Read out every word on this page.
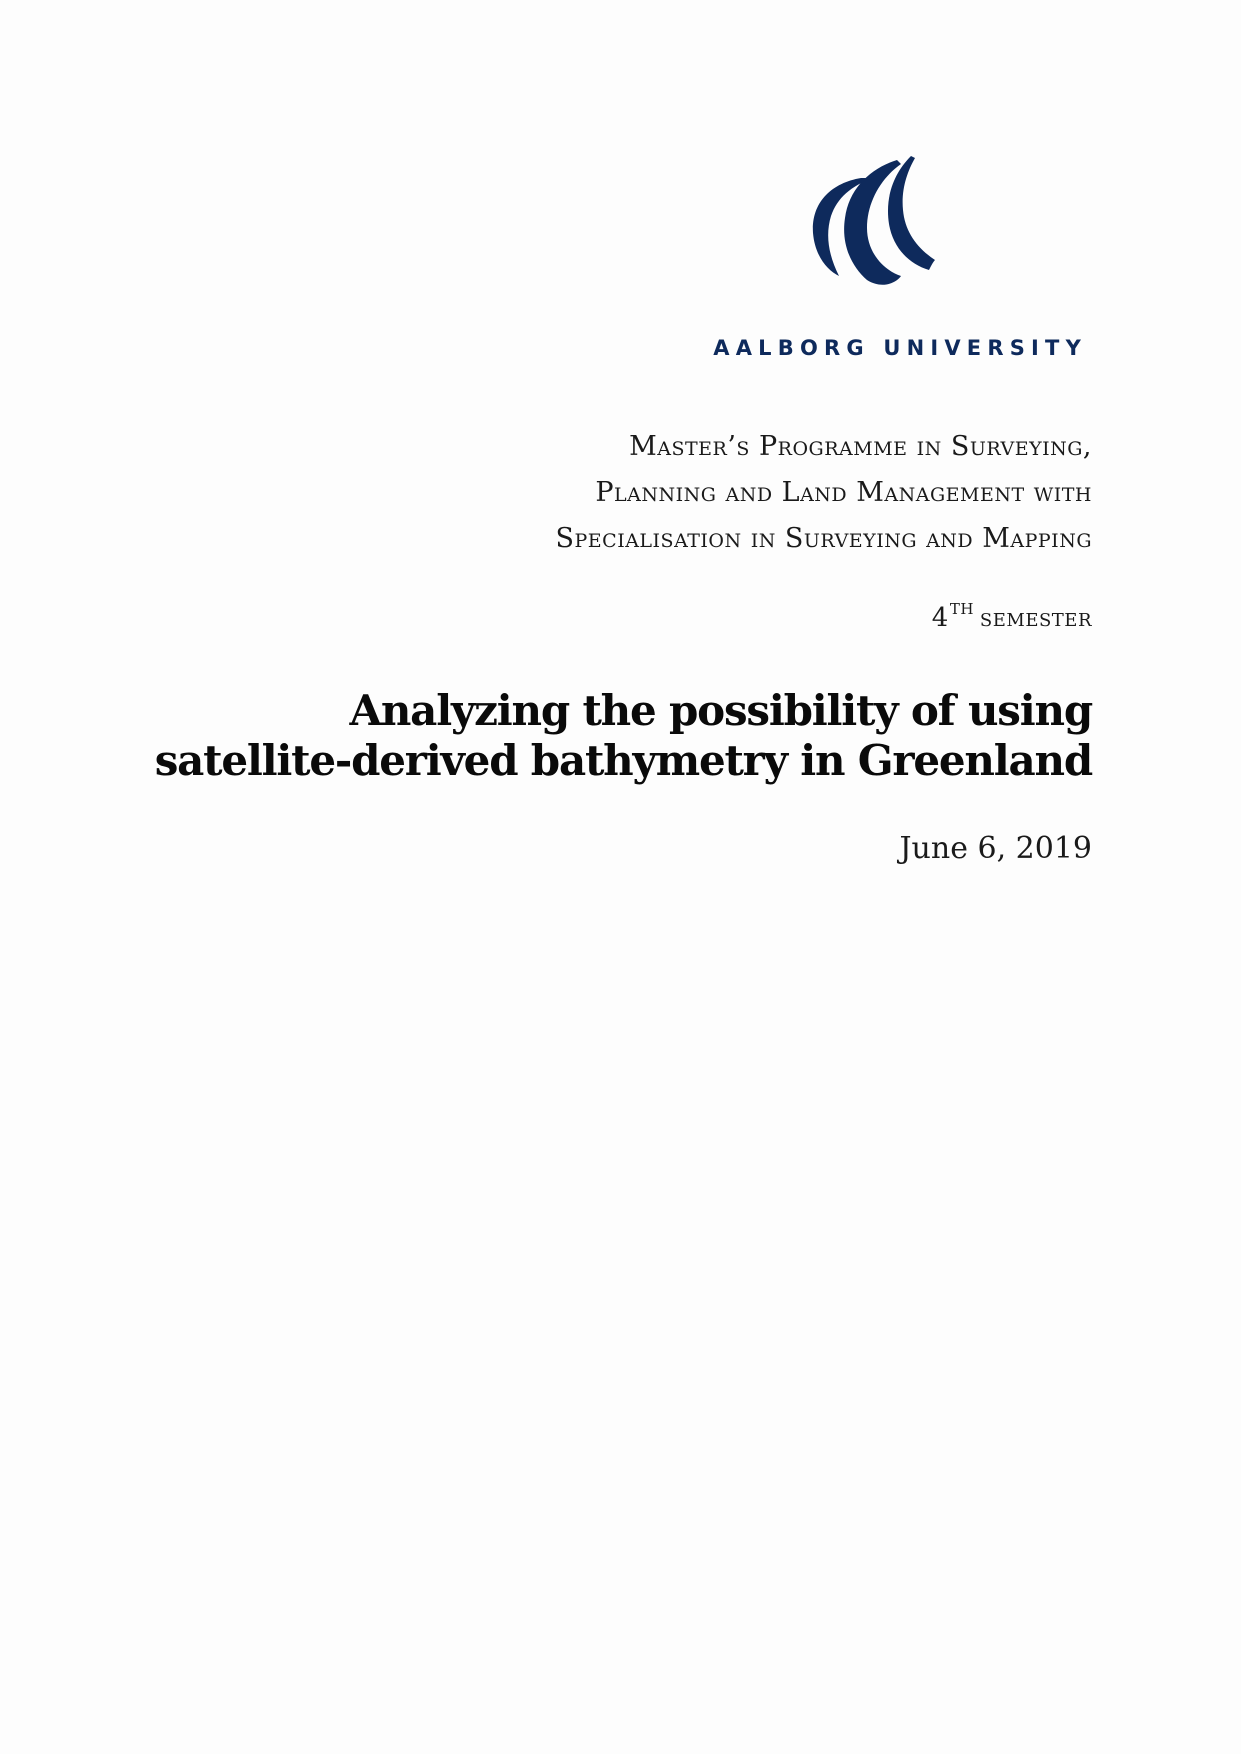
AALBORG UNIVERSITY
Master’s Programme in Surveying,
Planning and Land Management with
Specialisation in Surveying and Mapping
4TH semester
Analyzing the possibility of using
satellite-derived bathymetry in Greenland
June 6, 2019
